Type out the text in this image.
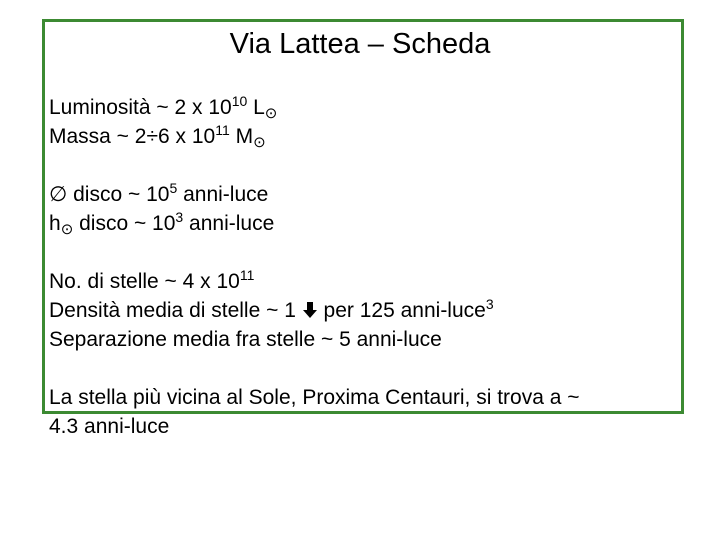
Via Lattea – Scheda
Luminosità ~ 2 x $10^{10}$ $L_⊙$
Massa ~ 2÷6 x $10^{11}$ $M_⊙$
∅ disco ~ $10^5$ anni-luce
$h_⊙$ disco ~ $10^3$ anni-luce
No. di stelle ~ 4 x $10^{11}$
Densità media di stelle ~ 1  per 125 anni-luce$^3$
Separazione media fra stelle ~ 5 anni-luce
La stella più vicina al Sole, Proxima Centauri, si trova a ~
4.3 anni-luce
